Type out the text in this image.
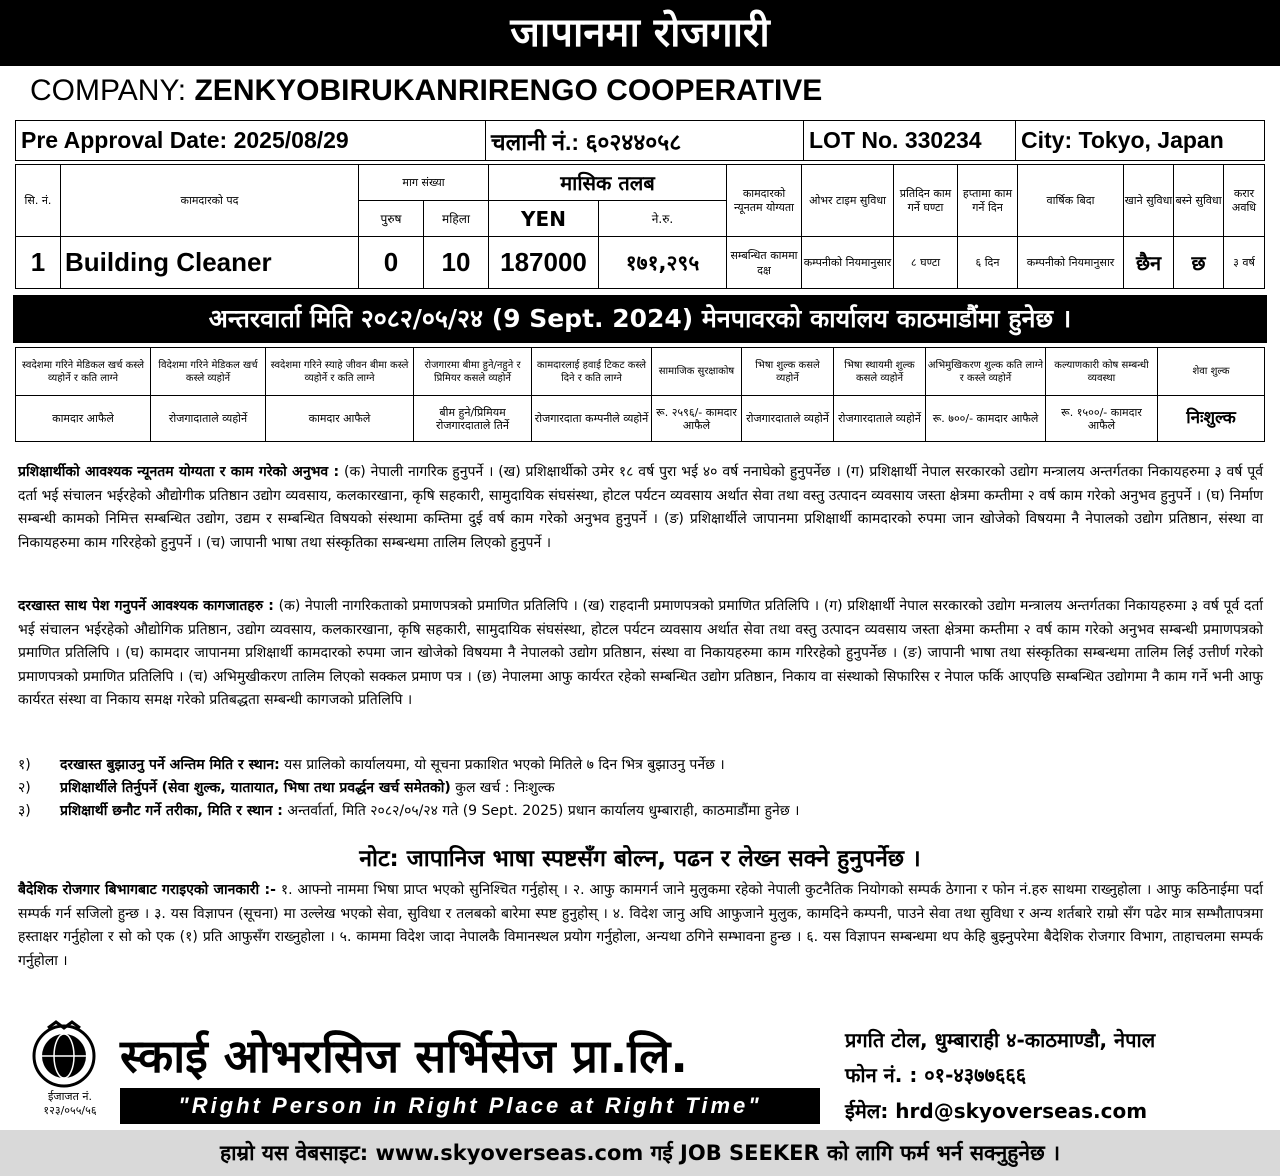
जापानमा रोजगारी
COMPANY: ZENKYOBIRUKANRIRENGO COOPERATIVE
Pre Approval Date: 2025/08/29	चलानी नं.: ६०२४४०५८	LOT No. 330234	City: Tokyo, Japan
सि. नं.	कामदारको पद	माग संख्या		मासिक तलब		कामदारको न्यूनतम योग्यता	ओभर टाइम सुविधा	प्रतिदिन काम गर्ने घण्टा	हप्तामा काम गर्ने दिन	वार्षिक बिदा	खाने सुविधा	बस्ने सुविधा	करार अवधि
		पुरुष	महिला	YEN	ने.रु.								
1	Building Cleaner	0	10	187000	१७१,२९५	सम्बन्धित काममा दक्ष	कम्पनीको नियमानुसार	८ घण्टा	६ दिन	कम्पनीको नियमानुसार	छैन	छ	३ वर्ष
अन्तरवार्ता मिति २०८२/०५/२४ (9 Sept. 2024) मेनपावरको कार्यालय काठमाडौंमा हुनेछ ।
स्वदेशमा गरिने मेडिकल खर्च कस्ले व्यहोर्ने र कति लाग्ने	विदेशमा गरिने मेडिकल खर्च कस्ले व्यहोर्ने	स्वदेशमा गरिने स्याहे जीवन बीमा कस्ले व्यहोर्ने र कति लाग्ने	रोजगारमा बीमा हुने/नहुने र प्रिमियर कसले व्यहोर्ने	कामदारलाई हवाई टिकट कस्ले दिने र कति लाग्ने	सामाजिक सुरक्षाकोष	भिषा शुल्क कसले व्यहोर्ने	भिषा स्थायमी शुल्क कसले व्यहोर्ने	अभिमुखिकरण शुल्क कति लाग्ने र कस्ले व्यहोर्ने	कल्याणकारी कोष सम्बन्धी व्यवस्था	शेवा शुल्क
कामदार आफैले	रोजगादाताले व्यहोर्ने	कामदार आफैले	बीम हुने/प्रिमियम रोजगारदाताले तिर्ने	रोजगारदाता कम्पनीले व्यहोर्ने	रू. २५९६/- कामदार आफैले	रोजगारदाताले व्यहोर्ने	रोजगारदाताले व्यहोर्ने	रू. ७००/- कामदार आफैले	रू. १५००/- कामदार आफैले	निःशुल्क
प्रशिक्षार्थीको आवश्यक न्यूनतम योग्यता र काम गरेको अनुभव : (क) नेपाली नागरिक हुनुपर्ने । (ख) प्रशिक्षार्थीको उमेर १८ वर्ष पुरा भई ४० वर्ष ननाघेको हुनुपर्नेछ । (ग) प्रशिक्षार्थी नेपाल सरकारको उद्योग मन्त्रालय अन्तर्गतका निकायहरुमा ३ वर्ष पूर्व दर्ता भई संचालन भईरहेको औद्योगीक प्रतिष्ठान उद्योग व्यवसाय, कलकारखाना, कृषि सहकारी, सामुदायिक संघसंस्था, होटल पर्यटन व्यवसाय अर्थात सेवा तथा वस्तु उत्पादन व्यवसाय जस्ता क्षेत्रमा कम्तीमा २ वर्ष काम गरेको अनुभव हुनुपर्ने । (घ) निर्माण सम्बन्धी कामको निमित्त सम्बन्धित उद्योग, उद्यम र सम्बन्धित विषयको संस्थामा कम्तिमा दुई वर्ष काम गरेको अनुभव हुनुपर्ने । (ङ) प्रशिक्षार्थीले जापानमा प्रशिक्षार्थी कामदारको रुपमा जान खोजेको विषयमा नै नेपालको उद्योग प्रतिष्ठान, संस्था वा निकायहरुमा काम गरिरहेको हुनुपर्ने । (च) जापानी भाषा तथा संस्कृतिका सम्बन्धमा तालिम लिएको हुनुपर्ने ।
दरखास्त साथ पेश गनुपर्ने आवश्यक कागजातहरु : (क) नेपाली नागरिकताको प्रमाणपत्रको प्रमाणित प्रतिलिपि । (ख) राहदानी प्रमाणपत्रको प्रमाणित प्रतिलिपि । (ग) प्रशिक्षार्थी नेपाल सरकारको उद्योग मन्त्रालय अन्तर्गतका निकायहरुमा ३ वर्ष पूर्व दर्ता भई संचालन भईरहेको औद्योगिक प्रतिष्ठान, उद्योग व्यवसाय, कलकारखाना, कृषि सहकारी, सामुदायिक संघसंस्था, होटल पर्यटन व्यवसाय अर्थात सेवा तथा वस्तु उत्पादन व्यवसाय जस्ता क्षेत्रमा कम्तीमा २ वर्ष काम गरेको अनुभव सम्बन्धी प्रमाणपत्रको प्रमाणित प्रतिलिपि । (घ) कामदार जापानमा प्रशिक्षार्थी कामदारको रुपमा जान खोजेको विषयमा नै नेपालको उद्योग प्रतिष्ठान, संस्था वा निकायहरुमा काम गरिरहेको हुनुपर्नेछ । (ङ) जापानी भाषा तथा संस्कृतिका सम्बन्धमा तालिम लिई उत्तीर्ण गरेको प्रमाणपत्रको प्रमाणित प्रतिलिपि । (च) अभिमुखीकरण तालिम लिएको सक्कल प्रमाण पत्र । (छ) नेपालमा आफु कार्यरत रहेको सम्बन्धित उद्योग प्रतिष्ठान, निकाय वा संस्थाको सिफारिस र नेपाल फर्कि आएपछि सम्बन्धित उद्योगमा नै काम गर्ने भनी आफु कार्यरत संस्था वा निकाय समक्ष गरेको प्रतिबद्धता सम्बन्धी कागजको प्रतिलिपि ।
१) दरखास्त बुझाउनु पर्ने अन्तिम मिति र स्थान: यस प्रालिको कार्यालयमा, यो सूचना प्रकाशित भएको मितिले ७ दिन भित्र बुझाउनु पर्नेछ ।
२) प्रशिक्षार्थीले तिर्नुपर्ने (सेवा शुल्क, यातायात, भिषा तथा प्रवर्द्धन खर्च समेतको) कुल खर्च : निःशुल्क
३) प्रशिक्षार्थी छनौट गर्ने तरीका, मिति र स्थान : अन्तर्वार्ता, मिति २०८२/०५/२४ गते (9 Sept. 2025) प्रधान कार्यालय धुम्बाराही, काठमाडौंमा हुनेछ ।
नोट: जापानिज भाषा स्पष्टसँग बोल्न, पढन र लेख्न सक्ने हुनुपर्नेछ ।
बैदेशिक रोजगार बिभागबाट गराइएको जानकारी :- १. आफ्नो नाममा भिषा प्राप्त भएको सुनिश्चित गर्नुहोस् । २. आफु कामगर्न जाने मुलुकमा रहेको नेपाली कुटनैतिक नियोगको सम्पर्क ठेगाना र फोन नं.हरु साथमा राख्नुहोला । आफु कठिनाईमा पर्दा सम्पर्क गर्न सजिलो हुन्छ । ३. यस विज्ञापन (सूचना) मा उल्लेख भएको सेवा, सुविधा र तलबको बारेमा स्पष्ट हुनुहोस् । ४. विदेश जानु अघि आफुजाने मुलुक, कामदिने कम्पनी, पाउने सेवा तथा सुविधा र अन्य शर्तबारे राम्रो सँग पढेर मात्र सम्भौतापत्रमा हस्ताक्षर गर्नुहोला र सो को एक (१) प्रति आफुसँग राख्नुहोला । ५. काममा विदेश जादा नेपालकै विमानस्थल प्रयोग गर्नुहोला, अन्यथा ठगिने सम्भावना हुन्छ । ६. यस विज्ञापन सम्बन्धमा थप केहि बुझ्नुपरेमा बैदेशिक रोजगार विभाग, ताहाचलमा सम्पर्क गर्नुहोला ।
ईजाजत नं. १२३/०५५/५६
स्काई ओभरसिज सर्भिसेज प्रा.लि.
"Right Person in Right Place at Right Time"
प्रगति टोल, धुम्बाराही ४-काठमाण्डौ, नेपाल
फोन नं. : ०१-४३७७६६६
ईमेल: hrd@skyoverseas.com
हाम्रो यस वेबसाइट: www.skyoverseas.com गई JOB SEEKER को लागि फर्म भर्न सक्नुहुनेछ ।
